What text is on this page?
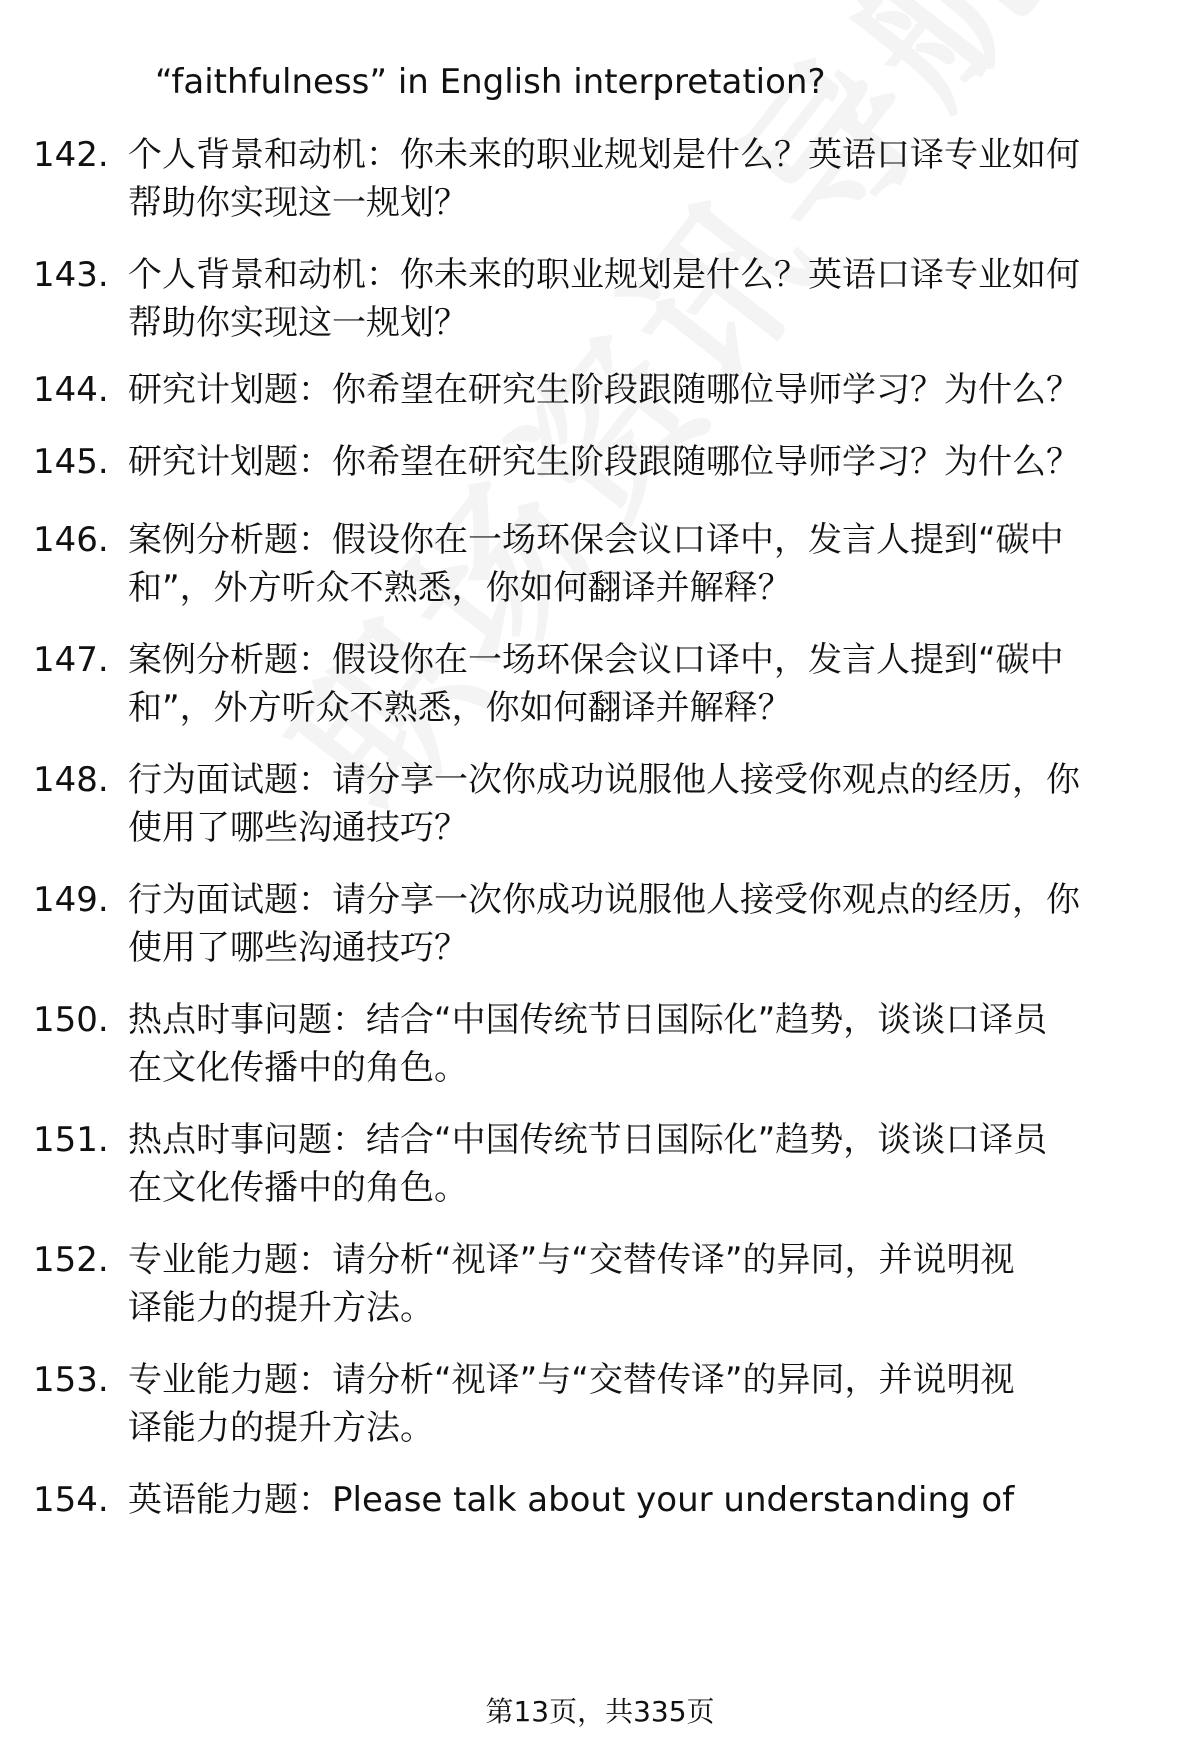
“faithfulness” in English interpretation?
142. 个人背景和动机：你未来的职业规划是什么？英语口译专业如何
帮助你实现这一规划？
143. 个人背景和动机：你未来的职业规划是什么？英语口译专业如何
帮助你实现这一规划？
144. 研究计划题：你希望在研究生阶段跟随哪位导师学习？为什么？
145. 研究计划题：你希望在研究生阶段跟随哪位导师学习？为什么？
146. 案例分析题：假设你在一场环保会议口译中，发言人提到“碳中
和”，外方听众不熟悉，你如何翻译并解释？
147. 案例分析题：假设你在一场环保会议口译中，发言人提到“碳中
和”，外方听众不熟悉，你如何翻译并解释？
148. 行为面试题：请分享一次你成功说服他人接受你观点的经历，你
使用了哪些沟通技巧？
149. 行为面试题：请分享一次你成功说服他人接受你观点的经历，你
使用了哪些沟通技巧？
150. 热点时事问题：结合“中国传统节日国际化”趋势，谈谈口译员
在文化传播中的角色。
151. 热点时事问题：结合“中国传统节日国际化”趋势，谈谈口译员
在文化传播中的角色。
152. 专业能力题：请分析“视译”与“交替传译”的异同，并说明视
译能力的提升方法。
153. 专业能力题：请分析“视译”与“交替传译”的异同，并说明视
译能力的提升方法。
154. 英语能力题：Please talk about your understanding of
第13页，共335页
